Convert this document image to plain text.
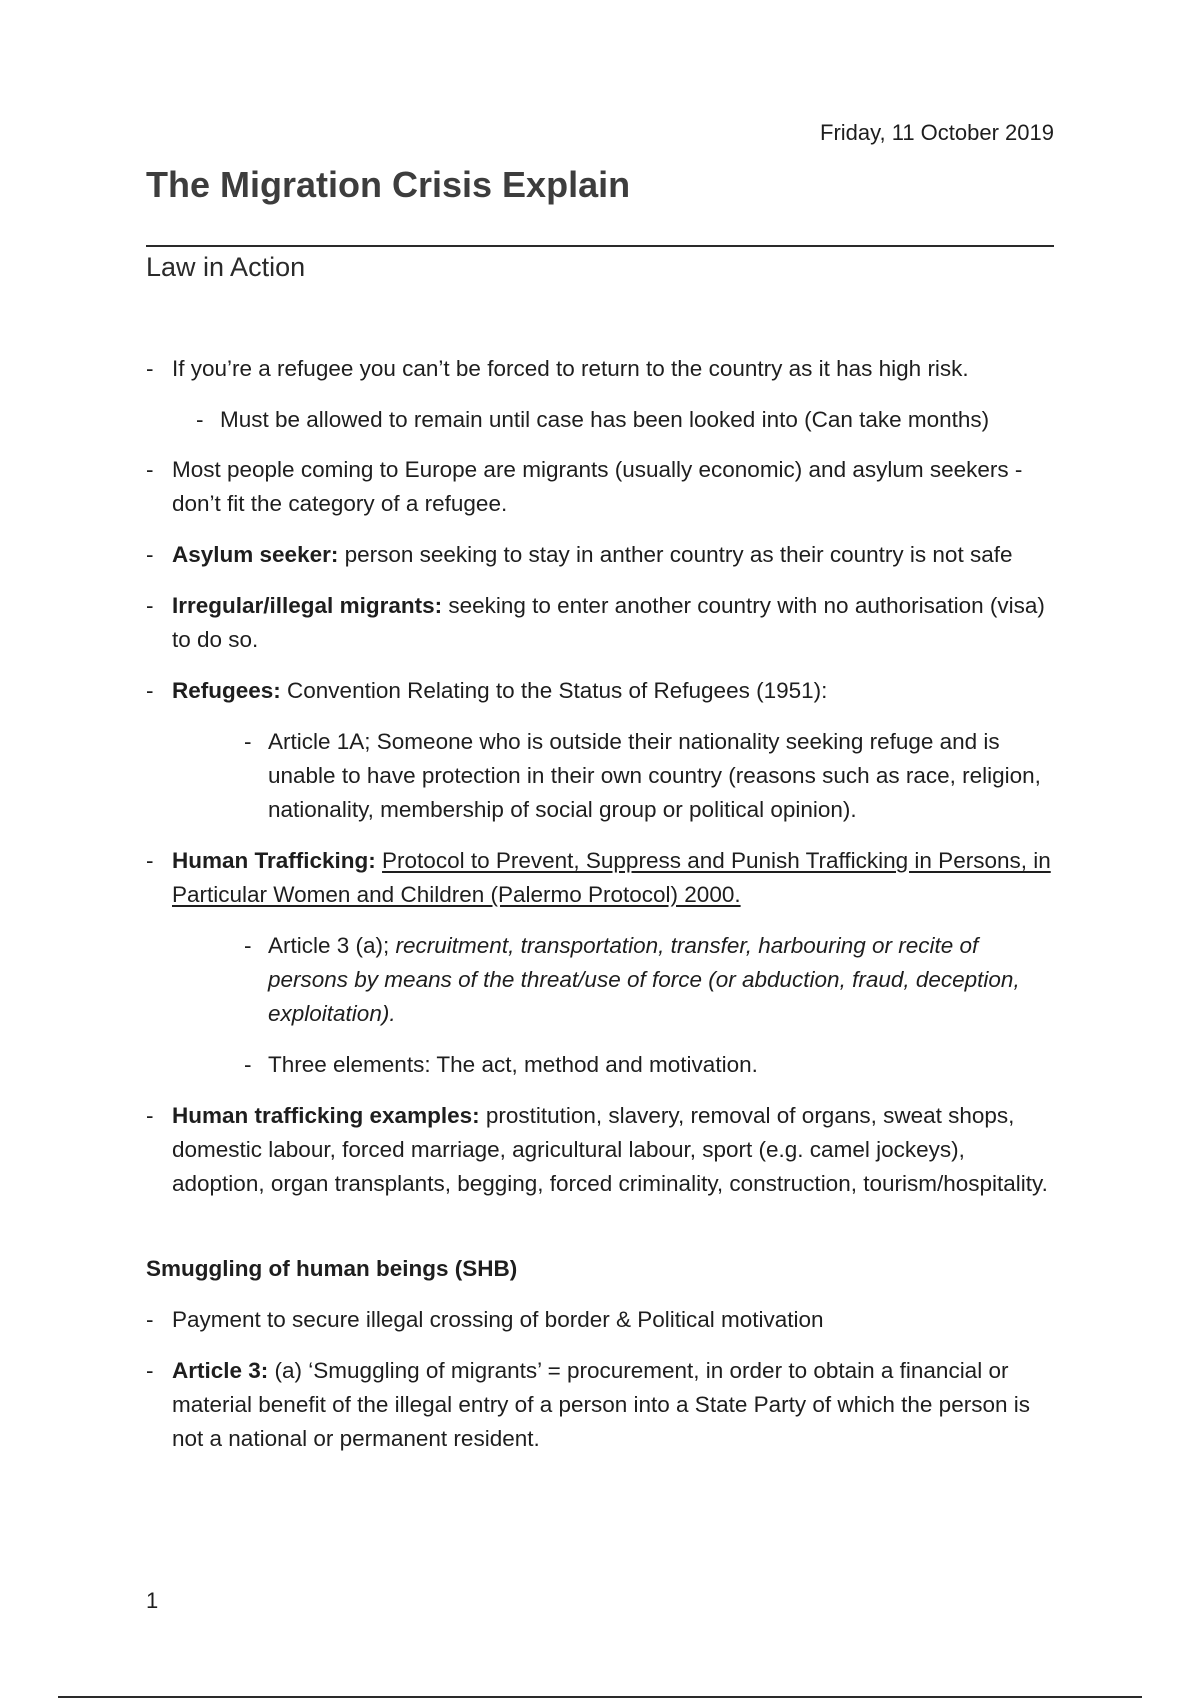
Friday, 11 October 2019
The Migration Crisis Explain
Law in Action
- If you’re a refugee you can’t be forced to return to the country as it has high risk.
- Must be allowed to remain until case has been looked into (Can take months)
- Most people coming to Europe are migrants (usually economic) and asylum seekers - don’t fit the category of a refugee.
- Asylum seeker: person seeking to stay in anther country as their country is not safe
- Irregular/illegal migrants: seeking to enter another country with no authorisation (visa) to do so.
- Refugees: Convention Relating to the Status of Refugees (1951):
- Article 1A; Someone who is outside their nationality seeking refuge and is unable to have protection in their own country (reasons such as race, religion, nationality, membership of social group or political opinion).
- Human Trafficking: Protocol to Prevent, Suppress and Punish Trafficking in Persons, in Particular Women and Children (Palermo Protocol) 2000.
- Article 3 (a); recruitment, transportation, transfer, harbouring or recite of persons by means of the threat/use of force (or abduction, fraud, deception, exploitation).
- Three elements: The act, method and motivation.
- Human trafficking examples: prostitution, slavery, removal of organs, sweat shops, domestic labour, forced marriage, agricultural labour, sport (e.g. camel jockeys), adoption, organ transplants, begging, forced criminality, construction, tourism/hospitality.
Smuggling of human beings (SHB)
- Payment to secure illegal crossing of border & Political motivation
- Article 3: (a) ‘Smuggling of migrants’ = procurement, in order to obtain a financial or material benefit of the illegal entry of a person into a State Party of which the person is not a national or permanent resident.
1
